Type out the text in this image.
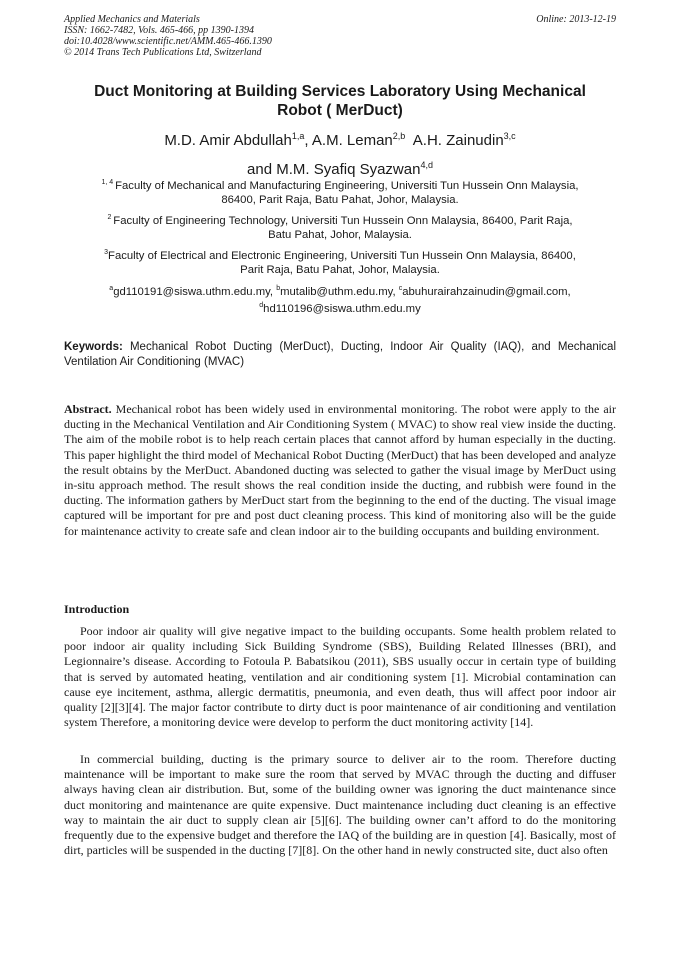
Applied Mechanics and Materials
ISSN: 1662-7482, Vols. 465-466, pp 1390-1394
doi:10.4028/www.scientific.net/AMM.465-466.1390
© 2014 Trans Tech Publications Ltd, Switzerland
Online: 2013-12-19
Duct Monitoring at Building Services Laboratory Using Mechanical
Robot ( MerDuct)
M.D. Amir Abdullah$^{1,a}$, A.M. Leman$^{2,b}$  A.H. Zainudin$^{3,c}$
and M.M. Syafiq Syazwan$^{4,d}$
$^{1, 4}$ Faculty of Mechanical and Manufacturing Engineering, Universiti Tun Hussein Onn Malaysia,
86400, Parit Raja, Batu Pahat, Johor, Malaysia.
$^2$ Faculty of Engineering Technology, Universiti Tun Hussein Onn Malaysia, 86400, Parit Raja,
Batu Pahat, Johor, Malaysia.
$^3$Faculty of Electrical and Electronic Engineering, Universiti Tun Hussein Onn Malaysia, 86400,
Parit Raja, Batu Pahat, Johor, Malaysia.
$^a$gd110191@siswa.uthm.edu.my, $^b$mutalib@uthm.edu.my, $^c$abuhurairahzainudin@gmail.com,
$^d$hd110196@siswa.uthm.edu.my
Keywords: Mechanical Robot Ducting (MerDuct), Ducting, Indoor Air Quality (IAQ), and Mechanical Ventilation Air Conditioning (MVAC)
Abstract. Mechanical robot has been widely used in environmental monitoring. The robot were apply to the air ducting in the Mechanical Ventilation and Air Conditioning System ( MVAC) to show real view inside the ducting. The aim of the mobile robot is to help reach certain places that cannot afford by human especially in the ducting. This paper highlight the third model of Mechanical Robot Ducting (MerDuct) that has been developed and analyze the result obtains by the MerDuct. Abandoned ducting was selected to gather the visual image by MerDuct using in-situ approach method. The result shows the real condition inside the ducting, and rubbish were found in the ducting. The information gathers by MerDuct start from the beginning to the end of the ducting. The visual image captured will be important for pre and post duct cleaning process. This kind of monitoring also will be the guide for maintenance activity to create safe and clean indoor air to the building occupants and building environment.
Introduction

Poor indoor air quality will give negative impact to the building occupants. Some health problem related to poor indoor air quality including Sick Building Syndrome (SBS), Building Related Illnesses (BRI), and Legionnaire’s disease. According to Fotoula P. Babatsikou (2011), SBS usually occur in certain type of building that is served by automated heating, ventilation and air conditioning system [1]. Microbial contamination can cause eye incitement, asthma, allergic dermatitis, pneumonia, and even death, thus will affect poor indoor air quality [2][3][4]. The major factor contribute to dirty duct is poor maintenance of air conditioning and ventilation system Therefore, a monitoring device were develop to perform the duct monitoring activity [14].

In commercial building, ducting is the primary source to deliver air to the room. Therefore ducting maintenance will be important to make sure the room that served by MVAC through the ducting and diffuser always having clean air distribution. But, some of the building owner was ignoring the duct maintenance since duct monitoring and maintenance are quite expensive. Duct maintenance including duct cleaning is an effective way to maintain the air duct to supply clean air [5][6]. The building owner can’t afford to do the monitoring frequently due to the expensive budget and therefore the IAQ of the building are in question [4]. Basically, most of dirt, particles will be suspended in the ducting [7][8]. On the other hand in newly constructed site, duct also often
